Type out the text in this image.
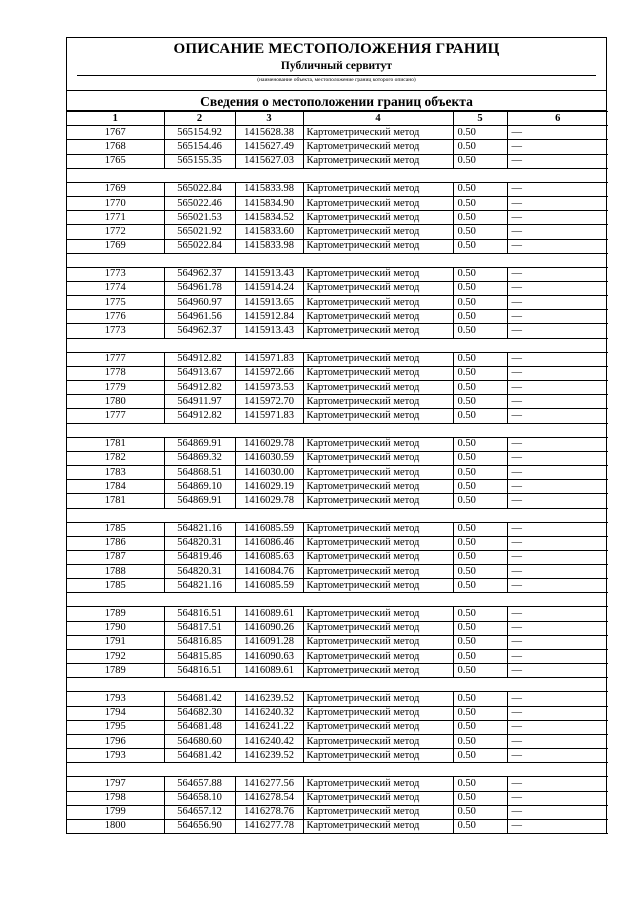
ОПИСАНИЕ МЕСТОПОЛОЖЕНИЯ ГРАНИЦ
Публичный сервитут
(наименование объекта, местоположение границ которого описано)
Сведения о местоположении границ объекта
1	2	3	4	5	6
1767	565154.92	1415628.38	Картометрический метод	0.50	—
1768	565154.46	1415627.49	Картометрический метод	0.50	—
1765	565155.35	1415627.03	Картометрический метод	0.50	—

1769	565022.84	1415833.98	Картометрический метод	0.50	—
1770	565022.46	1415834.90	Картометрический метод	0.50	—
1771	565021.53	1415834.52	Картометрический метод	0.50	—
1772	565021.92	1415833.60	Картометрический метод	0.50	—
1769	565022.84	1415833.98	Картометрический метод	0.50	—

1773	564962.37	1415913.43	Картометрический метод	0.50	—
1774	564961.78	1415914.24	Картометрический метод	0.50	—
1775	564960.97	1415913.65	Картометрический метод	0.50	—
1776	564961.56	1415912.84	Картометрический метод	0.50	—
1773	564962.37	1415913.43	Картометрический метод	0.50	—

1777	564912.82	1415971.83	Картометрический метод	0.50	—
1778	564913.67	1415972.66	Картометрический метод	0.50	—
1779	564912.82	1415973.53	Картометрический метод	0.50	—
1780	564911.97	1415972.70	Картометрический метод	0.50	—
1777	564912.82	1415971.83	Картометрический метод	0.50	—

1781	564869.91	1416029.78	Картометрический метод	0.50	—
1782	564869.32	1416030.59	Картометрический метод	0.50	—
1783	564868.51	1416030.00	Картометрический метод	0.50	—
1784	564869.10	1416029.19	Картометрический метод	0.50	—
1781	564869.91	1416029.78	Картометрический метод	0.50	—

1785	564821.16	1416085.59	Картометрический метод	0.50	—
1786	564820.31	1416086.46	Картометрический метод	0.50	—
1787	564819.46	1416085.63	Картометрический метод	0.50	—
1788	564820.31	1416084.76	Картометрический метод	0.50	—
1785	564821.16	1416085.59	Картометрический метод	0.50	—

1789	564816.51	1416089.61	Картометрический метод	0.50	—
1790	564817.51	1416090.26	Картометрический метод	0.50	—
1791	564816.85	1416091.28	Картометрический метод	0.50	—
1792	564815.85	1416090.63	Картометрический метод	0.50	—
1789	564816.51	1416089.61	Картометрический метод	0.50	—

1793	564681.42	1416239.52	Картометрический метод	0.50	—
1794	564682.30	1416240.32	Картометрический метод	0.50	—
1795	564681.48	1416241.22	Картометрический метод	0.50	—
1796	564680.60	1416240.42	Картометрический метод	0.50	—
1793	564681.42	1416239.52	Картометрический метод	0.50	—

1797	564657.88	1416277.56	Картометрический метод	0.50	—
1798	564658.10	1416278.54	Картометрический метод	0.50	—
1799	564657.12	1416278.76	Картометрический метод	0.50	—
1800	564656.90	1416277.78	Картометрический метод	0.50	—
